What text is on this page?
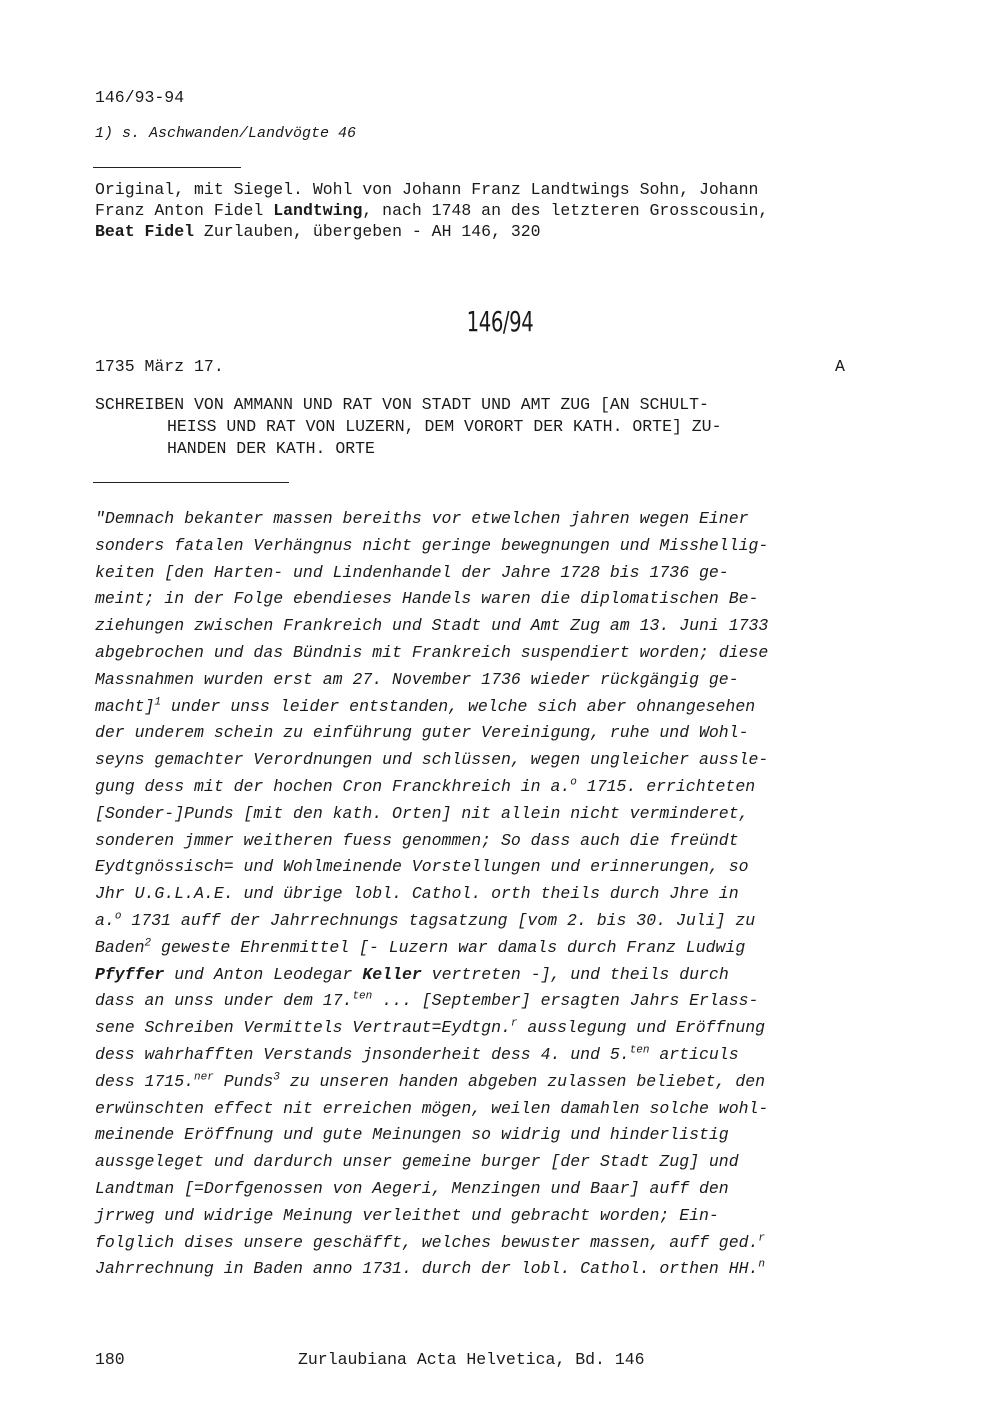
146/93-94
1) s. Aschwanden/Landvögte 46
Original, mit Siegel. Wohl von Johann Franz Landtwings Sohn, Johann
Franz Anton Fidel Landtwing, nach 1748 an des letzteren Grosscousin,
Beat Fidel Zurlauben, übergeben - AH 146, 320
146/94
1735 März 17.	A
SCHREIBEN VON AMMANN UND RAT VON STADT UND AMT ZUG [AN SCHULT-
HEISS UND RAT VON LUZERN, DEM VORORT DER KATH. ORTE] ZU-
HANDEN DER KATH. ORTE
"Demnach bekanter massen bereiths vor etwelchen jahren wegen Einer
sonders fatalen Verhängnus nicht geringe bewegnungen und Misshellig-
keiten [den Harten- und Lindenhandel der Jahre 1728 bis 1736 ge-
meint; in der Folge ebendieses Handels waren die diplomatischen Be-
ziehungen zwischen Frankreich und Stadt und Amt Zug am 13. Juni 1733
abgebrochen und das Bündnis mit Frankreich suspendiert worden; diese
Massnahmen wurden erst am 27. November 1736 wieder rückgängig ge-
macht]$^1$ under unss leider entstanden, welche sich aber ohnangesehen
der underem schein zu einführung guter Vereinigung, ruhe und Wohl-
seyns gemachter Verordnungen und schlüssen, wegen ungleicher aussle-
gung dess mit der hochen Cron Franckhreich in a.$^o$ 1715. errichteten
[Sonder-]Punds [mit den kath. Orten] nit allein nicht verminderet,
sonderen jmmer weitheren fuess genommen; So dass auch die freündt
Eydtgnössisch= und Wohlmeinende Vorstellungen und erinnerungen, so
Jhr U.G.L.A.E. und übrige lobl. Cathol. orth theils durch Jhre in
a.$^o$ 1731 auff der Jahrrechnungs tagsatzung [vom 2. bis 30. Juli] zu
Baden$^2$ geweste Ehrenmittel [- Luzern war damals durch Franz Ludwig
Pfyffer und Anton Leodegar Keller vertreten -], und theils durch
dass an unss under dem 17.$^{ten}$ ... [September] ersagten Jahrs Erlass-
sene Schreiben Vermittels Vertraut=Eydtgn.$^r$ ausslegung und Eröffnung
dess wahrhafften Verstands jnsonderheit dess 4. und 5.$^{ten}$ articuls
dess 1715.$^{ner}$ Punds$^3$ zu unseren handen abgeben zulassen beliebet, den
erwünschten effect nit erreichen mögen, weilen damahlen solche wohl-
meinende Eröffnung und gute Meinungen so widrig und hinderlistig
aussgeleget und dardurch unser gemeine burger [der Stadt Zug] und
Landtman [=Dorfgenossen von Aegeri, Menzingen und Baar] auff den
jrrweg und widrige Meinung verleithet und gebracht worden; Ein-
folglich dises unsere geschäfft, welches bewuster massen, auff ged.$^r$
Jahrrechnung in Baden anno 1731. durch der lobl. Cathol. orthen HH.$^n$
180	Zurlaubiana Acta Helvetica, Bd. 146
